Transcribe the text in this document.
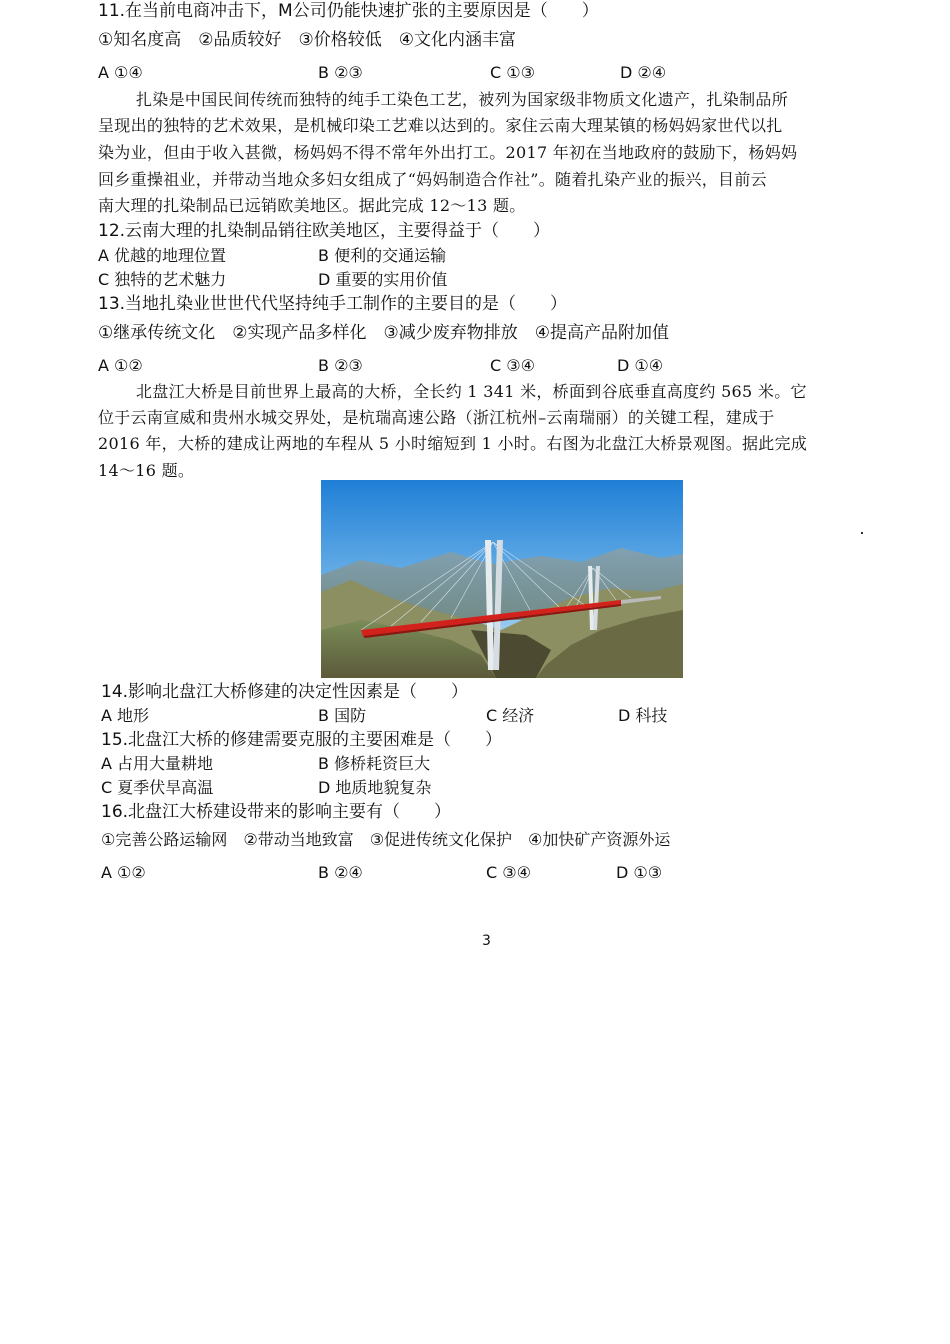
11.在当前电商冲击下，M公司仍能快速扩张的主要原因是（　　）
①知名度高　②品质较好　③价格较低　④文化内涵丰富
A ①④	B ②③	C ①③	D ②④
扎染是中国民间传统而独特的纯手工染色工艺，被列为国家级非物质文化遗产，扎染制品所
呈现出的独特的艺术效果，是机械印染工艺难以达到的。家住云南大理某镇的杨妈妈家世代以扎
染为业，但由于收入甚微，杨妈妈不得不常年外出打工。2017 年初在当地政府的鼓励下，杨妈妈
回乡重操祖业，并带动当地众多妇女组成了“妈妈制造合作社”。随着扎染产业的振兴，目前云
南大理的扎染制品已远销欧美地区。据此完成 12～13 题。
12.云南大理的扎染制品销往欧美地区，主要得益于（　　）
A 优越的地理位置	B 便利的交通运输
C 独特的艺术魅力	D 重要的实用价值
13.当地扎染业世世代代坚持纯手工制作的主要目的是（　　）
①继承传统文化　②实现产品多样化　③减少废弃物排放　④提高产品附加值
A ①②	B ②③	C ③④	D ①④
北盘江大桥是目前世界上最高的大桥，全长约 1 341 米，桥面到谷底垂直高度约 565 米。它
位于云南宣威和贵州水城交界处，是杭瑞高速公路（浙江杭州–云南瑞丽）的关键工程，建成于
2016 年，大桥的建成让两地的车程从 5 小时缩短到 1 小时。右图为北盘江大桥景观图。据此完成
14～16 题。
14.影响北盘江大桥修建的决定性因素是（　　）
A 地形	B 国防	C 经济	D 科技
15.北盘江大桥的修建需要克服的主要困难是（　　）
A 占用大量耕地	B 修桥耗资巨大
C 夏季伏旱高温	D 地质地貌复杂
16.北盘江大桥建设带来的影响主要有（　　）
①完善公路运输网　②带动当地致富　③促进传统文化保护　④加快矿产资源外运
A ①②	B ②④	C ③④	D ①③
3
